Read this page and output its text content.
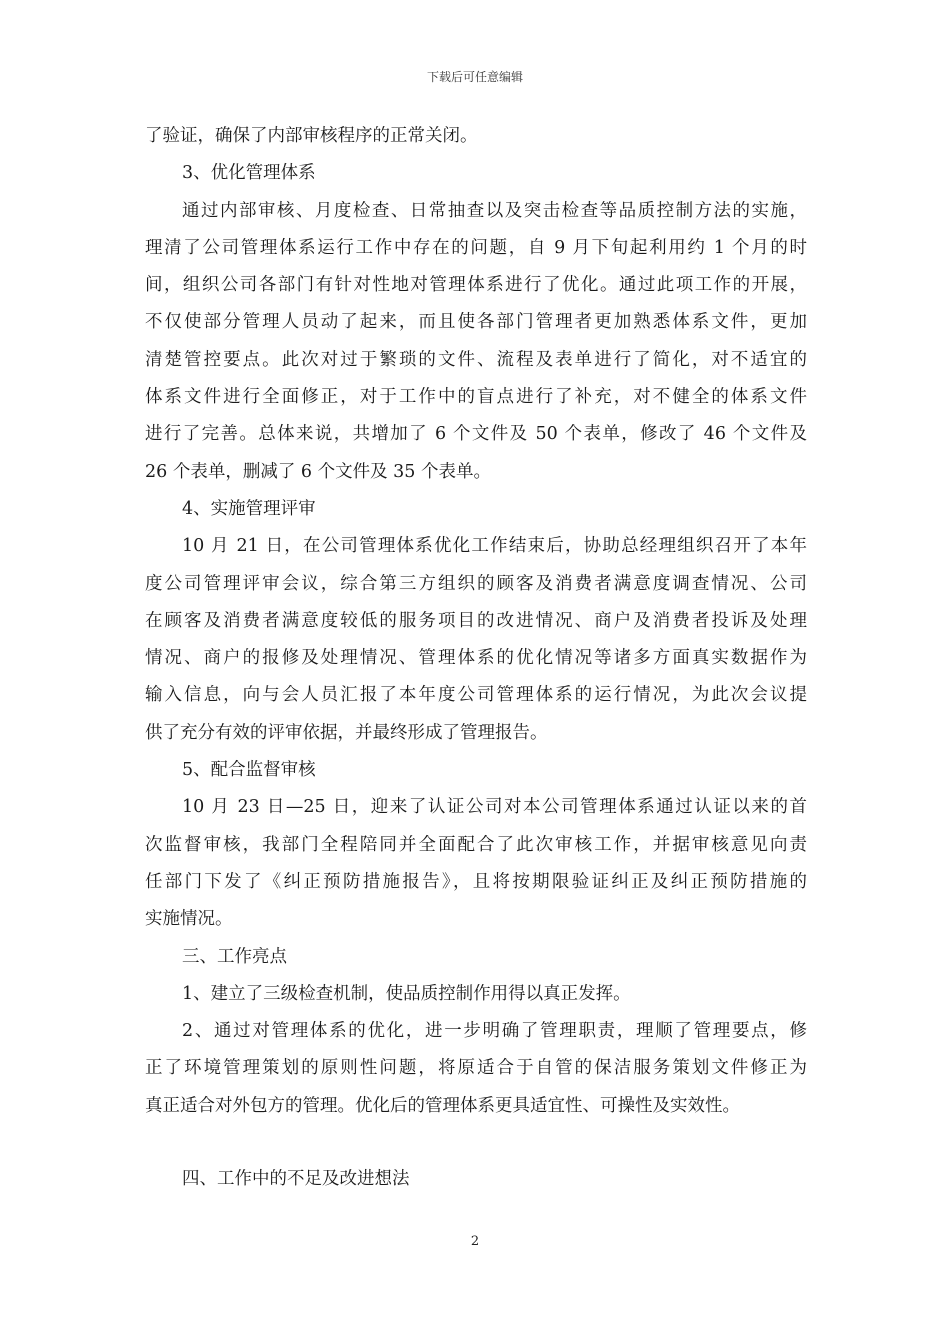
下载后可任意编辑
了验证，确保了内部审核程序的正常关闭。
3、优化管理体系
通过内部审核、月度检查、日常抽查以及突击检查等品质控制方法的实施，
理清了公司管理体系运行工作中存在的问题，自 9 月下旬起利用约 1 个月的时
间，组织公司各部门有针对性地对管理体系进行了优化。通过此项工作的开展，
不仅使部分管理人员动了起来，而且使各部门管理者更加熟悉体系文件，更加
清楚管控要点。此次对过于繁琐的文件、流程及表单进行了简化，对不适宜的
体系文件进行全面修正，对于工作中的盲点进行了补充，对不健全的体系文件
进行了完善。总体来说，共增加了 6 个文件及 50 个表单，修改了 46 个文件及
26 个表单，删减了 6 个文件及 35 个表单。
4、实施管理评审
10 月 21 日，在公司管理体系优化工作结束后，协助总经理组织召开了本年
度公司管理评审会议，综合第三方组织的顾客及消费者满意度调查情况、公司
在顾客及消费者满意度较低的服务项目的改进情况、商户及消费者投诉及处理
情况、商户的报修及处理情况、管理体系的优化情况等诸多方面真实数据作为
输入信息，向与会人员汇报了本年度公司管理体系的运行情况，为此次会议提
供了充分有效的评审依据，并最终形成了管理报告。
5、配合监督审核
10 月 23 日—25 日，迎来了认证公司对本公司管理体系通过认证以来的首
次监督审核，我部门全程陪同并全面配合了此次审核工作，并据审核意见向责
任部门下发了《纠正预防措施报告》，且将按期限验证纠正及纠正预防措施的
实施情况。
三、工作亮点
1、建立了三级检查机制，使品质控制作用得以真正发挥。
2、通过对管理体系的优化，进一步明确了管理职责，理顺了管理要点，修
正了环境管理策划的原则性问题，将原适合于自管的保洁服务策划文件修正为
真正适合对外包方的管理。优化后的管理体系更具适宜性、可操性及实效性。
四、工作中的不足及改进想法
2
